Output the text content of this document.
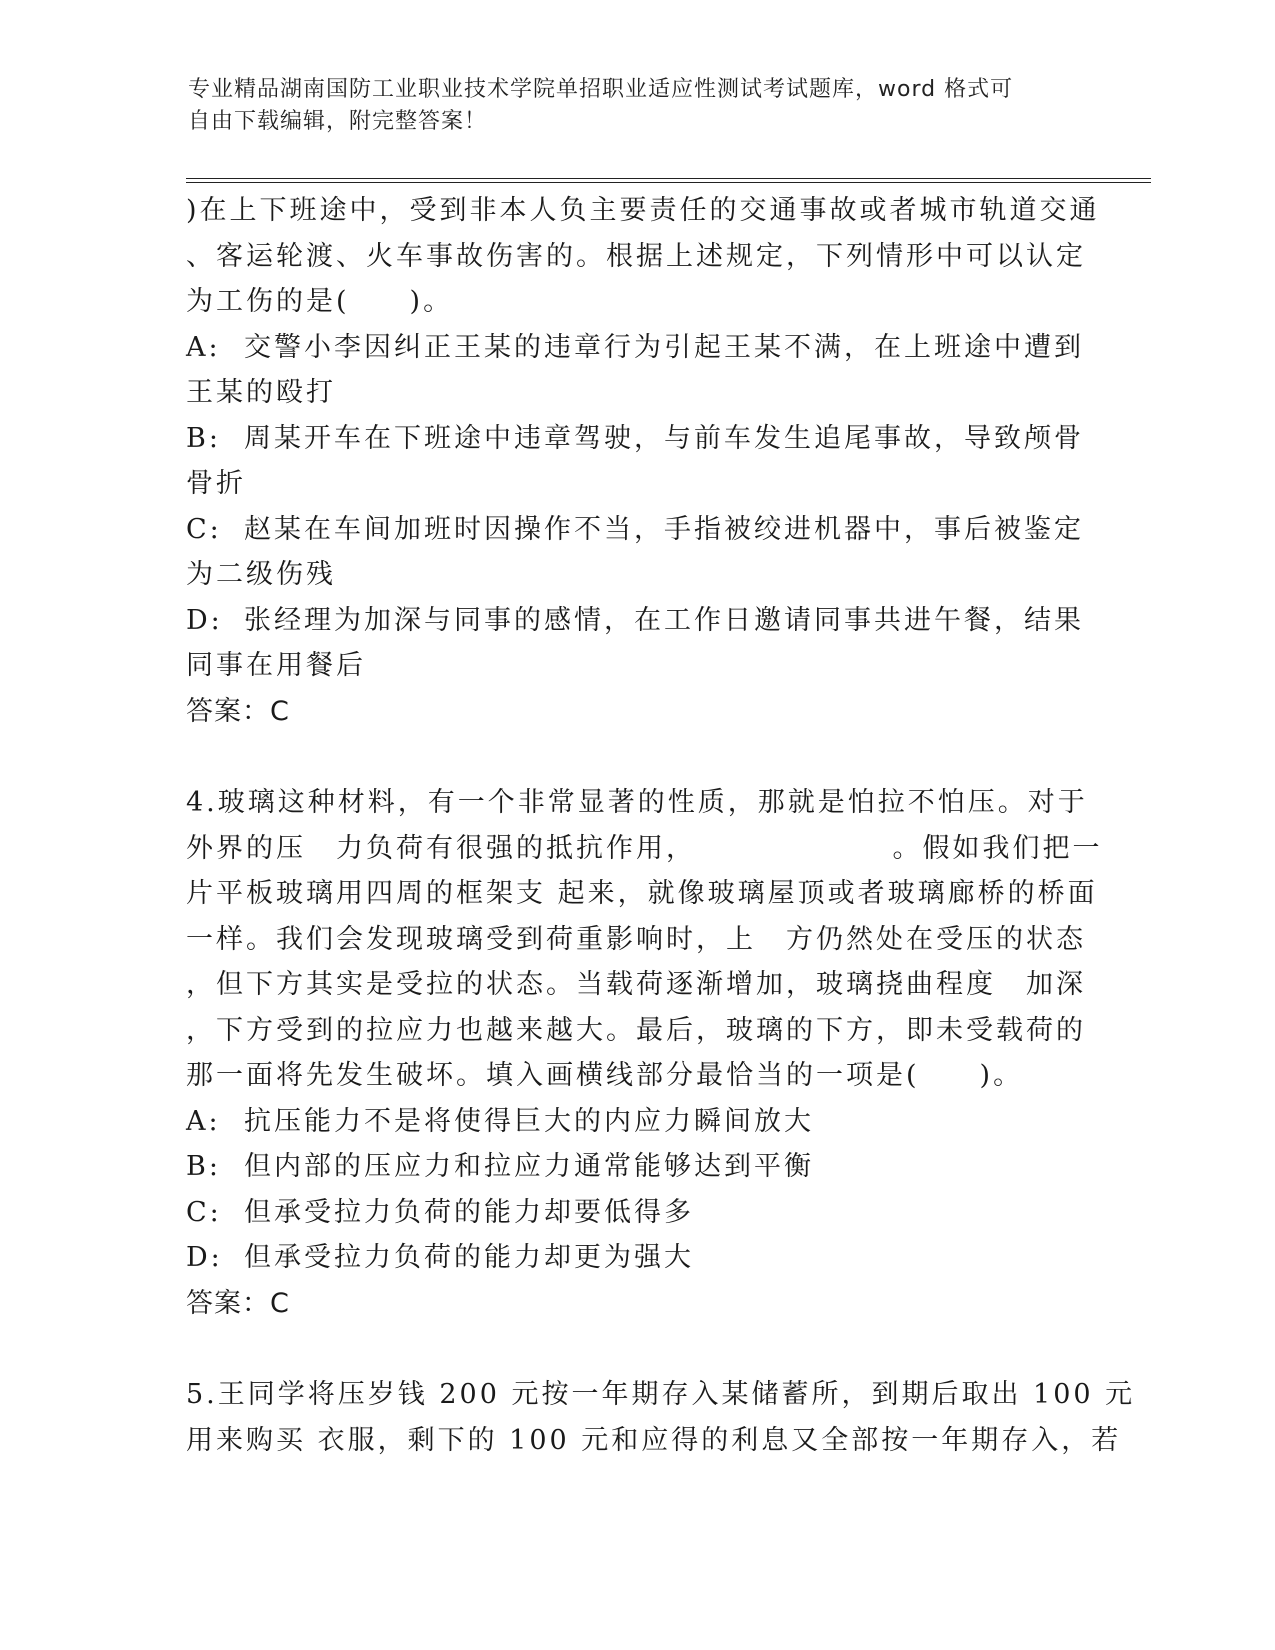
专业精品湖南国防工业职业技术学院单招职业适应性测试考试题库，word 格式可
自由下载编辑，附完整答案！
)在上下班途中，受到非本人负主要责任的交通事故或者城市轨道交通
、客运轮渡、火车事故伤害的。根据上述规定，下列情形中可以认定
为工伤的是(　　)。
A: 交警小李因纠正王某的违章行为引起王某不满，在上班途中遭到
王某的殴打
B: 周某开车在下班途中违章驾驶，与前车发生追尾事故，导致颅骨
骨折
C: 赵某在车间加班时因操作不当，手指被绞进机器中，事后被鉴定
为二级伤残
D: 张经理为加深与同事的感情，在工作日邀请同事共进午餐，结果
同事在用餐后
答案：C
4.玻璃这种材料，有一个非常显著的性质，那就是怕拉不怕压。对于
外界的压　力负荷有很强的抵抗作用，　　　　　　　。假如我们把一
片平板玻璃用四周的框架支 起来，就像玻璃屋顶或者玻璃廊桥的桥面
一样。我们会发现玻璃受到荷重影响时，上　方仍然处在受压的状态
，但下方其实是受拉的状态。当载荷逐渐增加，玻璃挠曲程度　加深
，下方受到的拉应力也越来越大。最后，玻璃的下方，即未受载荷的
那一面将先发生破坏。填入画横线部分最恰当的一项是(　　)。
A: 抗压能力不是将使得巨大的内应力瞬间放大
B: 但内部的压应力和拉应力通常能够达到平衡
C: 但承受拉力负荷的能力却要低得多
D: 但承受拉力负荷的能力却更为强大
答案：C
5.王同学将压岁钱 200 元按一年期存入某储蓄所，到期后取出 100 元
用来购买 衣服，剩下的 100 元和应得的利息又全部按一年期存入，若
